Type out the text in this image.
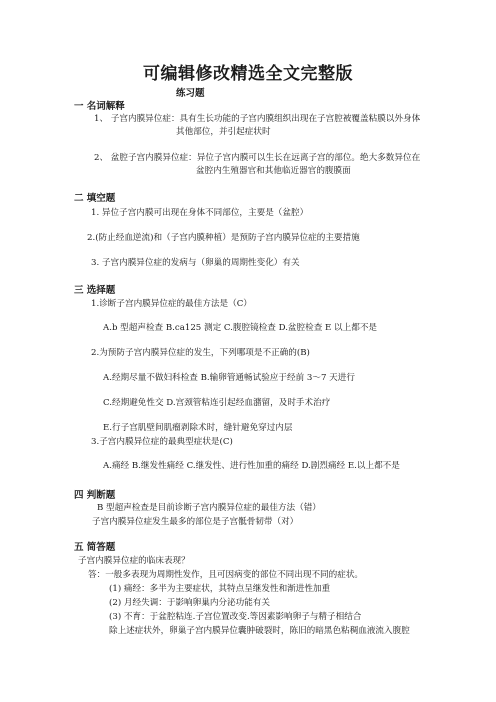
可编辑修改精选全文完整版
练习题
一 名词解释
1、 子宫内膜异位症：具有生长功能的子宫内膜组织出现在子宫腔被覆盖粘膜以外身体
其他部位，并引起症状时
2、 盆腔子宫内膜异位症：异位子宫内膜可以生长在远离子宫的部位。绝大多数异位在
盆腔内生殖器官和其他临近器官的腹膜面
二 填空题
1. 异位子宫内膜可出现在身体不同部位，主要是（盆腔）
2.(防止经血逆流)和（子宫内膜种植）是预防子宫内膜异位症的主要措施
3. 子宫内膜异位症的发病与（卵巢的周期性变化）有关
三 选择题
1.诊断子宫内膜异位症的最佳方法是（C）
A.b 型超声检查 B.ca125 测定 C.腹腔镜检查 D.盆腔检查 E 以上都不是
2.为预防子宫内膜异位症的发生，下列哪项是不正确的(B)
A.经期尽量不做妇科检查 B.输卵管通畅试验应于经前 3～7 天进行
C.经期避免性交 D.宫颈管粘连引起经血潴留，及时手术治疗
E.行子宫肌壁间肌瘤剥除术时，缝针避免穿过内层
3.子宫内膜异位症的最典型症状是(C)
A.痛经 B.继发性痛经 C.继发性、进行性加重的痛经 D.剧烈痛经 E.以上都不是
四 判断题
B 型超声检查是目前诊断子宫内膜异位症的最佳方法（错）
子宫内膜异位症发生最多的部位是子宫骶骨韧带（对）
五 简答题
子宫内膜异位症的临床表现？
答：一般多表现为周期性发作，且可因病变的部位不同出现不同的症状。
(1) 痛经：多半为主要症状，其特点呈继发性和渐进性加重
(2) 月经失调：于影响卵巢内分泌功能有关
(3) 不育：于盆腔粘连.子宫位置改变.等因素影响卵子与精子相结合
除上述症状外，卵巢子宫内膜异位囊肿破裂时，陈旧的暗黑色粘稠血液流入腹腔
